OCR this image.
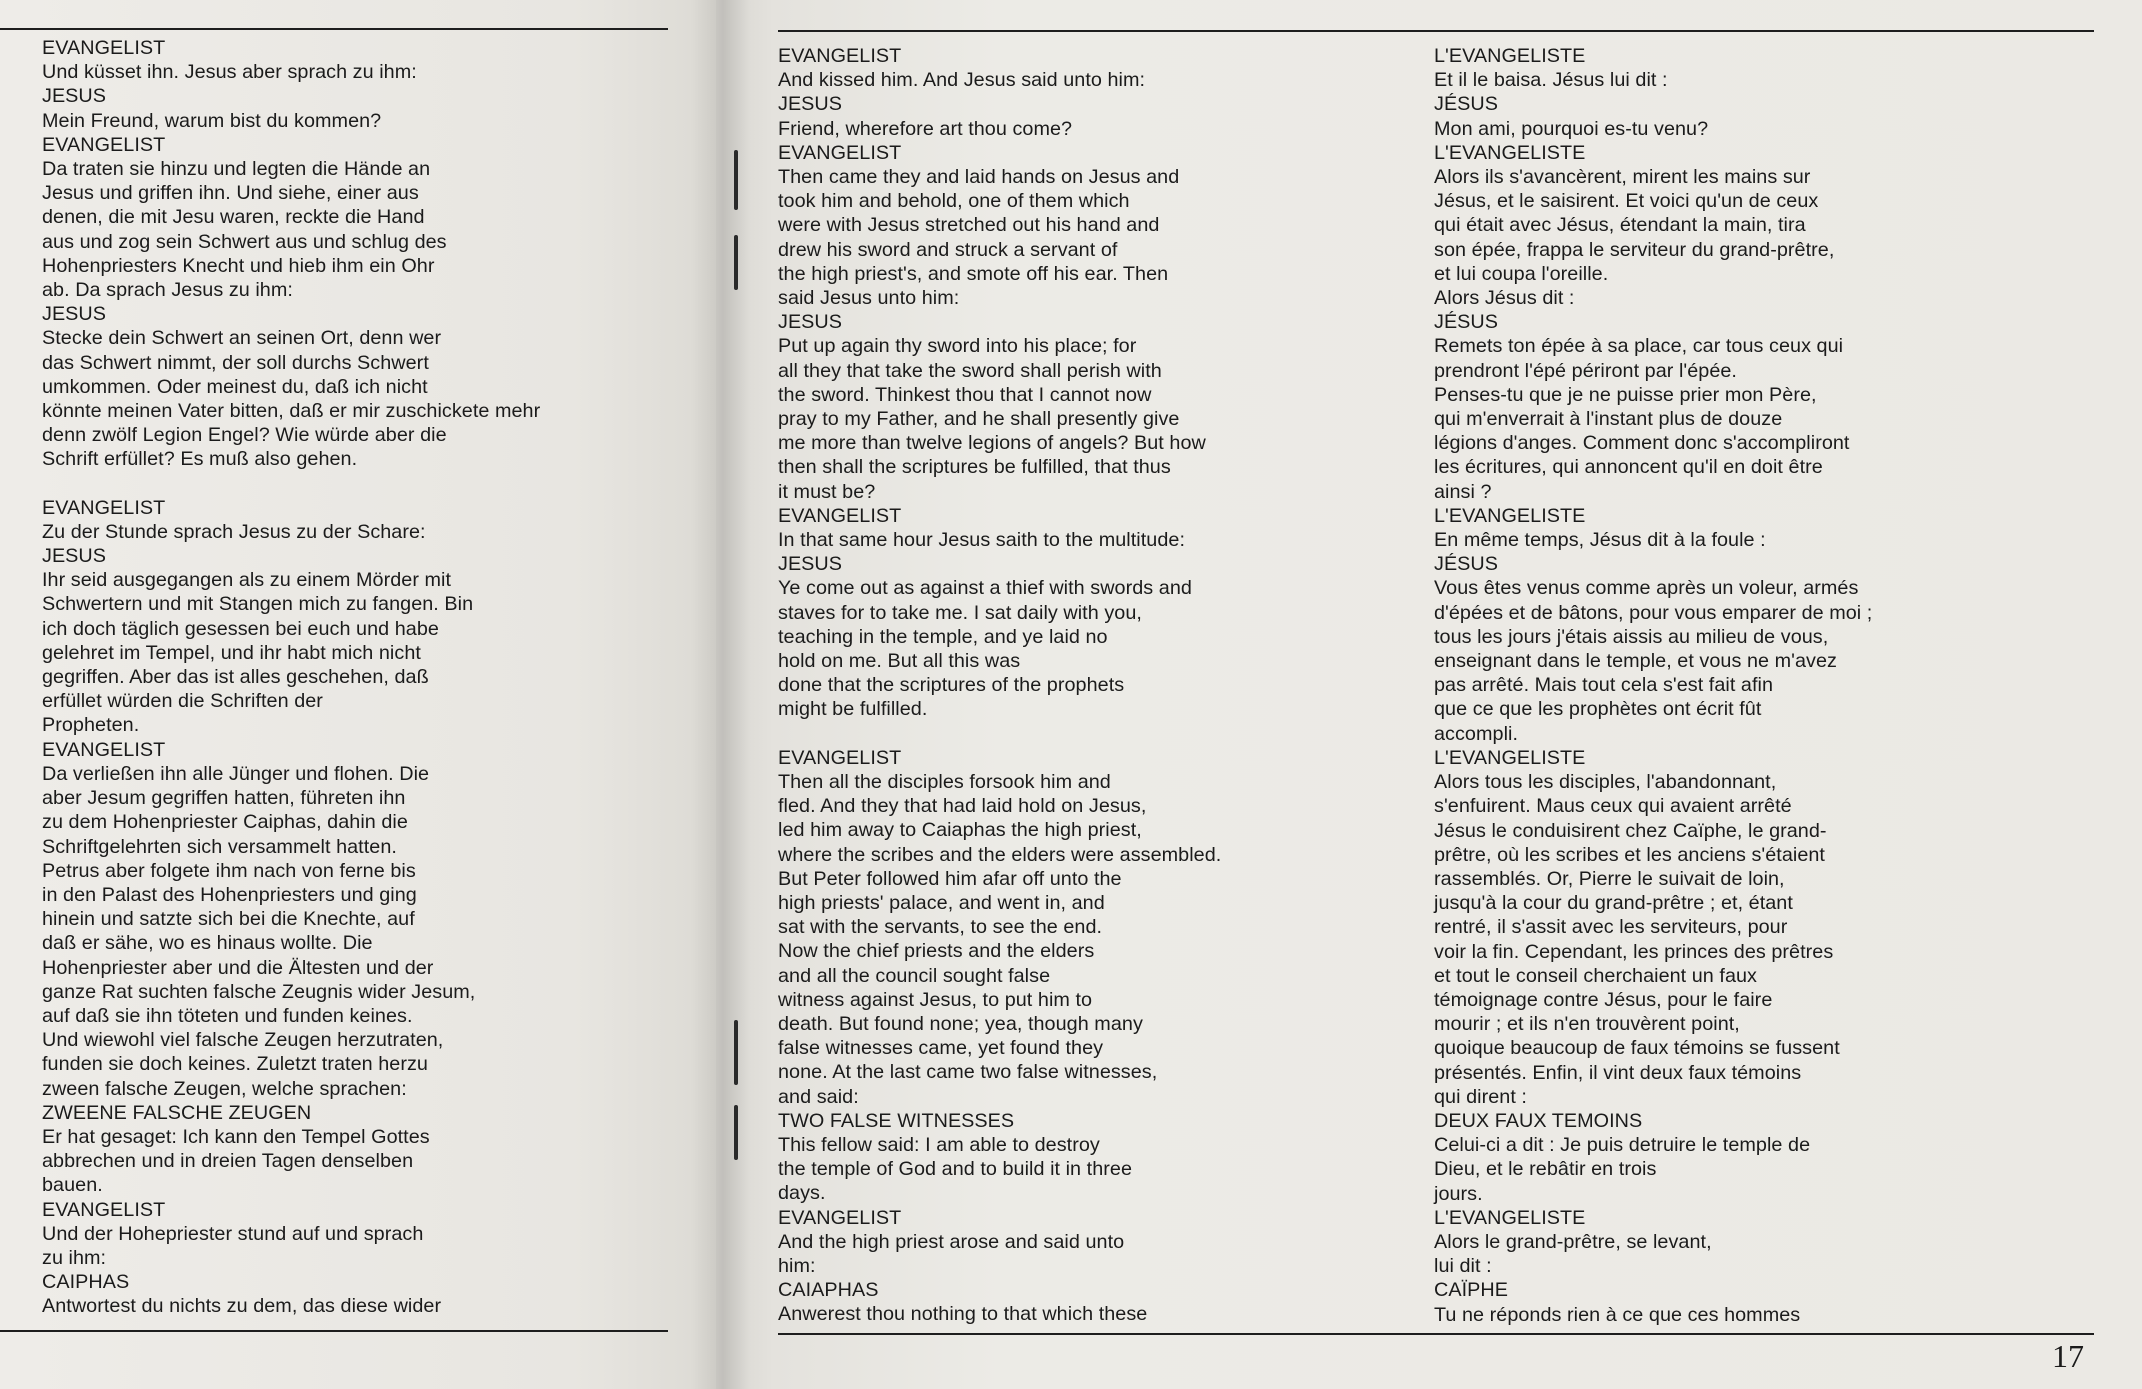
EVANGELIST
Und küsset ihn. Jesus aber sprach zu ihm:
JESUS
Mein Freund, warum bist du kommen?
EVANGELIST
Da traten sie hinzu und legten die Hände an
Jesus und griffen ihn. Und siehe, einer aus
denen, die mit Jesu waren, reckte die Hand
aus und zog sein Schwert aus und schlug des
Hohenpriesters Knecht und hieb ihm ein Ohr
ab. Da sprach Jesus zu ihm:
JESUS
Stecke dein Schwert an seinen Ort, denn wer
das Schwert nimmt, der soll durchs Schwert
umkommen. Oder meinest du, daß ich nicht
könnte meinen Vater bitten, daß er mir zuschickete mehr
denn zwölf Legion Engel? Wie würde aber die
Schrift erfüllet? Es muß also gehen.
EVANGELIST
Zu der Stunde sprach Jesus zu der Schare:
JESUS
Ihr seid ausgegangen als zu einem Mörder mit
Schwertern und mit Stangen mich zu fangen. Bin
ich doch täglich gesessen bei euch und habe
gelehret im Tempel, und ihr habt mich nicht
gegriffen. Aber das ist alles geschehen, daß
erfüllet würden die Schriften der
Propheten.
EVANGELIST
Da verließen ihn alle Jünger und flohen. Die
aber Jesum gegriffen hatten, führeten ihn
zu dem Hohenpriester Caiphas, dahin die
Schriftgelehrten sich versammelt hatten.
Petrus aber folgete ihm nach von ferne bis
in den Palast des Hohenpriesters und ging
hinein und satzte sich bei die Knechte, auf
daß er sähe, wo es hinaus wollte. Die
Hohenpriester aber und die Ältesten und der
ganze Rat suchten falsche Zeugnis wider Jesum,
auf daß sie ihn töteten und funden keines.
Und wiewohl viel falsche Zeugen herzutraten,
funden sie doch keines. Zuletzt traten herzu
zween falsche Zeugen, welche sprachen:
ZWEENE FALSCHE ZEUGEN
Er hat gesaget: Ich kann den Tempel Gottes
abbrechen und in dreien Tagen denselben
bauen.
EVANGELIST
Und der Hohepriester stund auf und sprach
zu ihm:
CAIPHAS
Antwortest du nichts zu dem, das diese wider
EVANGELIST
And kissed him. And Jesus said unto him:
JESUS
Friend, wherefore art thou come?
EVANGELIST
Then came they and laid hands on Jesus and
took him and behold, one of them which
were with Jesus stretched out his hand and
drew his sword and struck a servant of
the high priest's, and smote off his ear. Then
said Jesus unto him:
JESUS
Put up again thy sword into his place; for
all they that take the sword shall perish with
the sword. Thinkest thou that I cannot now
pray to my Father, and he shall presently give
me more than twelve legions of angels? But how
then shall the scriptures be fulfilled, that thus
it must be?
EVANGELIST
In that same hour Jesus saith to the multitude:
JESUS
Ye come out as against a thief with swords and
staves for to take me. I sat daily with you,
teaching in the temple, and ye laid no
hold on me. But all this was
done that the scriptures of the prophets
might be fulfilled.
EVANGELIST
Then all the disciples forsook him and
fled. And they that had laid hold on Jesus,
led him away to Caiaphas the high priest,
where the scribes and the elders were assembled.
But Peter followed him afar off unto the
high priests' palace, and went in, and
sat with the servants, to see the end.
Now the chief priests and the elders
and all the council sought false
witness against Jesus, to put him to
death. But found none; yea, though many
false witnesses came, yet found they
none. At the last came two false witnesses,
and said:
TWO FALSE WITNESSES
This fellow said: I am able to destroy
the temple of God and to build it in three
days.
EVANGELIST
And the high priest arose and said unto
him:
CAIAPHAS
Anwerest thou nothing to that which these
L'EVANGELISTE
Et il le baisa. Jésus lui dit :
JÉSUS
Mon ami, pourquoi es-tu venu?
L'EVANGELISTE
Alors ils s'avancèrent, mirent les mains sur
Jésus, et le saisirent. Et voici qu'un de ceux
qui était avec Jésus, étendant la main, tira
son épée, frappa le serviteur du grand-prêtre,
et lui coupa l'oreille.
Alors Jésus dit :
JÉSUS
Remets ton épée à sa place, car tous ceux qui
prendront l'épé périront par l'épée.
Penses-tu que je ne puisse prier mon Père,
qui m'enverrait à l'instant plus de douze
légions d'anges. Comment donc s'accompliront
les écritures, qui annoncent qu'il en doit être
ainsi ?
L'EVANGELISTE
En même temps, Jésus dit à la foule :
JÉSUS
Vous êtes venus comme après un voleur, armés
d'épées et de bâtons, pour vous emparer de moi ;
tous les jours j'étais aissis au milieu de vous,
enseignant dans le temple, et vous ne m'avez
pas arrêté. Mais tout cela s'est fait afin
que ce que les prophètes ont écrit fût
accompli.
L'EVANGELISTE
Alors tous les disciples, l'abandonnant,
s'enfuirent. Maus ceux qui avaient arrêté
Jésus le conduisirent chez Caïphe, le grand-
prêtre, où les scribes et les anciens s'étaient
rassemblés. Or, Pierre le suivait de loin,
jusqu'à la cour du grand-prêtre ; et, étant
rentré, il s'assit avec les serviteurs, pour
voir la fin. Cependant, les princes des prêtres
et tout le conseil cherchaient un faux
témoignage contre Jésus, pour le faire
mourir ; et ils n'en trouvèrent point,
quoique beaucoup de faux témoins se fussent
présentés. Enfin, il vint deux faux témoins
qui dirent :
DEUX FAUX TEMOINS
Celui-ci a dit : Je puis detruire le temple de
Dieu, et le rebâtir en trois
jours.
L'EVANGELISTE
Alors le grand-prêtre, se levant,
lui dit :
CAÏPHE
Tu ne réponds rien à ce que ces hommes
17
